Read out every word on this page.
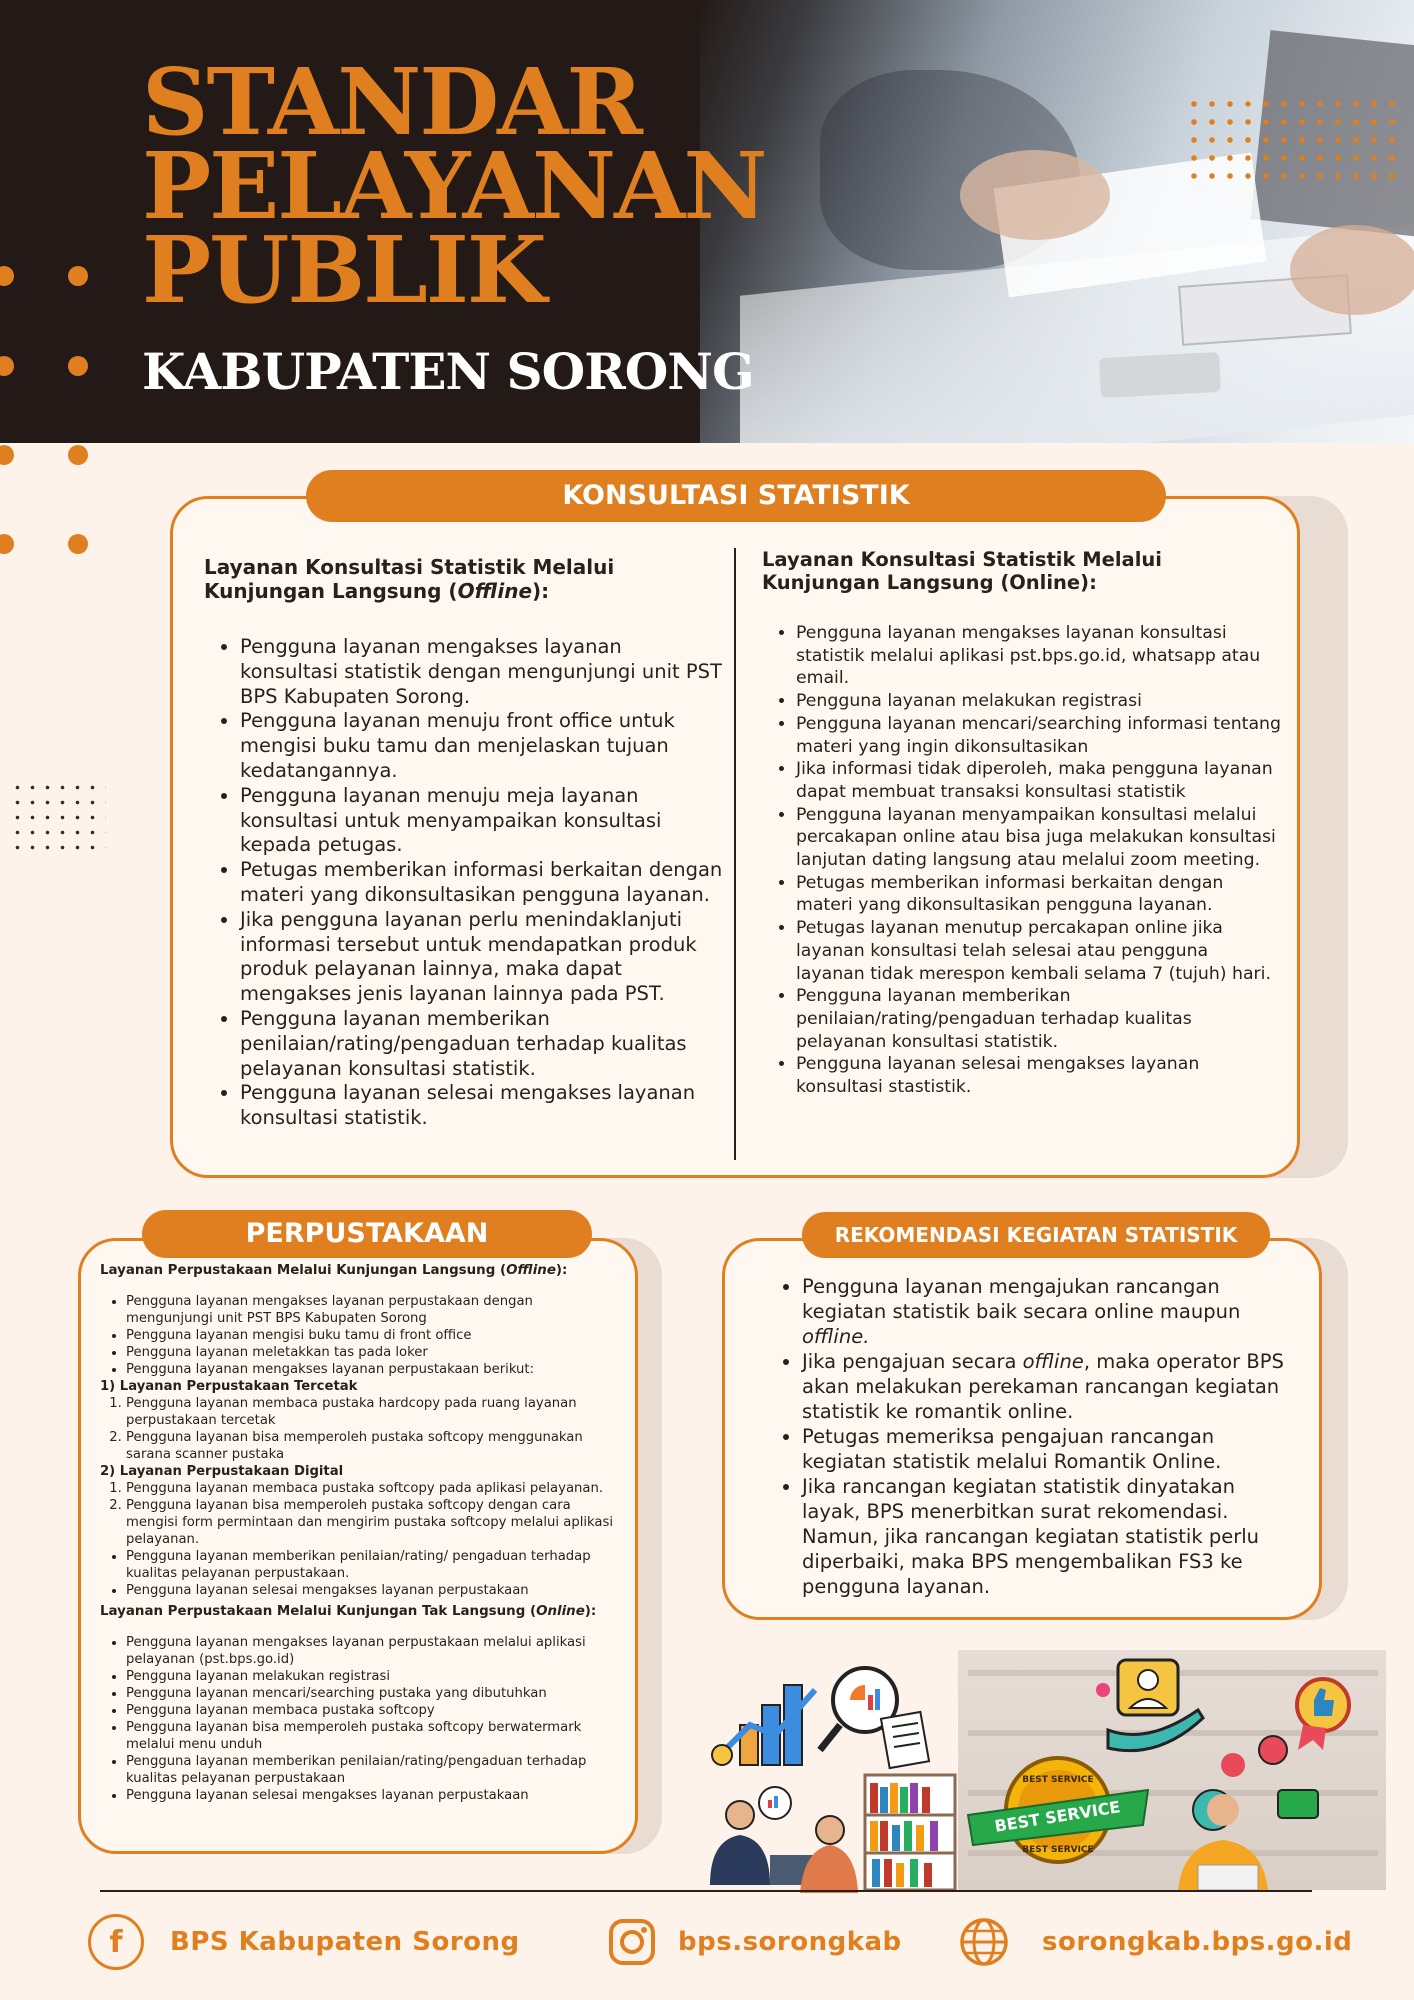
STANDAR
PELAYANAN
PUBLIK
KABUPATEN SORONG
KONSULTASI STATISTIK
Layanan Konsultasi Statistik Melalui Kunjungan Langsung (Offline):
• Pengguna layanan mengakses layanan konsultasi statistik dengan mengunjungi unit PST BPS Kabupaten Sorong.
• Pengguna layanan menuju front office untuk mengisi buku tamu dan menjelaskan tujuan kedatangannya.
• Pengguna layanan menuju meja layanan konsultasi untuk menyampaikan konsultasi kepada petugas.
• Petugas memberikan informasi berkaitan dengan materi yang dikonsultasikan pengguna layanan.
• Jika pengguna layanan perlu menindaklanjuti informasi tersebut untuk mendapatkan produk produk pelayanan lainnya, maka dapat mengakses jenis layanan lainnya pada PST.
• Pengguna layanan memberikan penilaian/rating/pengaduan terhadap kualitas pelayanan konsultasi statistik.
• Pengguna layanan selesai mengakses layanan konsultasi statistik.
Layanan Konsultasi Statistik Melalui Kunjungan Langsung (Online):
• Pengguna layanan mengakses layanan konsultasi statistik melalui aplikasi pst.bps.go.id, whatsapp atau email.
• Pengguna layanan melakukan registrasi
• Pengguna layanan mencari/searching informasi tentang materi yang ingin dikonsultasikan
• Jika informasi tidak diperoleh, maka pengguna layanan dapat membuat transaksi konsultasi statistik
• Pengguna layanan menyampaikan konsultasi melalui percakapan online atau bisa juga melakukan konsultasi lanjutan dating langsung atau melalui zoom meeting.
• Petugas memberikan informasi berkaitan dengan materi yang dikonsultasikan pengguna layanan.
• Petugas layanan menutup percakapan online jika layanan konsultasi telah selesai atau pengguna layanan tidak merespon kembali selama 7 (tujuh) hari.
• Pengguna layanan memberikan penilaian/rating/pengaduan terhadap kualitas pelayanan konsultasi statistik.
• Pengguna layanan selesai mengakses layanan konsultasi stastistik.
PERPUSTAKAAN
Layanan Perpustakaan Melalui Kunjungan Langsung (Offline):
• Pengguna layanan mengakses layanan perpustakaan dengan mengunjungi unit PST BPS Kabupaten Sorong
• Pengguna layanan mengisi buku tamu di front office
• Pengguna layanan meletakkan tas pada loker
• Pengguna layanan mengakses layanan perpustakaan berikut:
1) Layanan Perpustakaan Tercetak
1. Pengguna layanan membaca pustaka hardcopy pada ruang layanan perpustakaan tercetak
2. Pengguna layanan bisa memperoleh pustaka softcopy menggunakan sarana scanner pustaka
2) Layanan Perpustakaan Digital
1. Pengguna layanan membaca pustaka softcopy pada aplikasi pelayanan.
2. Pengguna layanan bisa memperoleh pustaka softcopy dengan cara mengisi form permintaan dan mengirim pustaka softcopy melalui aplikasi pelayanan.
• Pengguna layanan memberikan penilaian/rating/ pengaduan terhadap kualitas pelayanan perpustakaan.
• Pengguna layanan selesai mengakses layanan perpustakaan
Layanan Perpustakaan Melalui Kunjungan Tak Langsung (Online):
• Pengguna layanan mengakses layanan perpustakaan melalui aplikasi pelayanan (pst.bps.go.id)
• Pengguna layanan melakukan registrasi
• Pengguna layanan mencari/searching pustaka yang dibutuhkan
• Pengguna layanan membaca pustaka softcopy
• Pengguna layanan bisa memperoleh pustaka softcopy berwatermark melalui menu unduh
• Pengguna layanan memberikan penilaian/rating/pengaduan terhadap kualitas pelayanan perpustakaan
• Pengguna layanan selesai mengakses layanan perpustakaan
REKOMENDASI KEGIATAN STATISTIK
• Pengguna layanan mengajukan rancangan kegiatan statistik baik secara online maupun offline.
• Jika pengajuan secara offline, maka operator BPS akan melakukan perekaman rancangan kegiatan statistik ke romantik online.
• Petugas memeriksa pengajuan rancangan kegiatan statistik melalui Romantik Online.
• Jika rancangan kegiatan statistik dinyatakan layak, BPS menerbitkan surat rekomendasi. Namun, jika rancangan kegiatan statistik perlu diperbaiki, maka BPS mengembalikan FS3 ke pengguna layanan.
BEST SERVICE
BEST SERVICE
BEST SERVICE
f BPS Kabupaten Sorong	bps.sorongkab	sorongkab.bps.go.id
